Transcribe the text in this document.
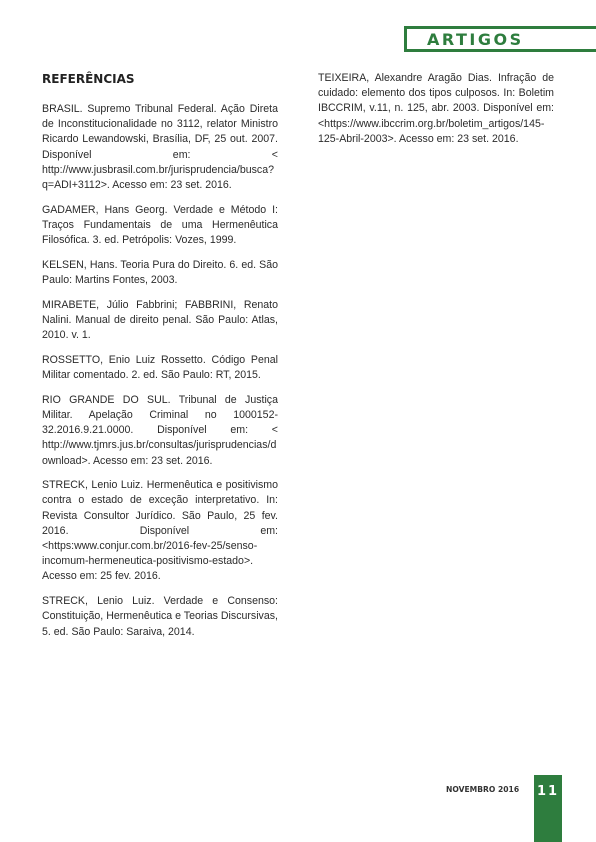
ARTIGOS
REFERÊNCIAS

BRASIL. Supremo Tribunal Federal. Ação Direta de Inconstitucionalidade no 3112, relator Ministro Ricardo Lewandowski, Brasília, DF, 25 out. 2007. Disponível em: < http://www.jusbrasil.com.br/jurisprudencia/busca?q=ADI+3112>. Acesso em: 23 set. 2016.

GADAMER, Hans Georg. Verdade e Método I: Traços Fundamentais de uma Hermenêutica Filosófica. 3. ed. Petrópolis: Vozes, 1999.

KELSEN, Hans. Teoria Pura do Direito. 6. ed. São Paulo: Martins Fontes, 2003.

MIRABETE, Júlio Fabbrini; FABBRINI, Renato Nalini. Manual de direito penal. São Paulo: Atlas, 2010. v. 1.

ROSSETTO, Enio Luiz Rossetto. Código Penal Militar comentado. 2. ed. São Paulo: RT, 2015.

RIO GRANDE DO SUL. Tribunal de Justiça Militar. Apelação Criminal no 1000152-32.2016.9.21.0000. Disponível em: < http://www.tjmrs.jus.br/consultas/jurisprudencias/download>. Acesso em: 23 set. 2016.

STRECK, Lenio Luiz. Hermenêutica e positivismo contra o estado de exceção interpretativo. In: Revista Consultor Jurídico. São Paulo, 25 fev. 2016. Disponível em: <https:www.conjur.com.br/2016-fev-25/senso-incomum-hermeneutica-positivismo-estado>. Acesso em: 25 fev. 2016.

STRECK, Lenio Luiz. Verdade e Consenso: Constituição, Hermenêutica e Teorias Discursivas, 5. ed. São Paulo: Saraiva, 2014.

TEIXEIRA, Alexandre Aragão Dias. Infração de cuidado: elemento dos tipos culposos. In: Boletim IBCCRIM, v.11, n. 125, abr. 2003. Disponível em: <https://www.ibccrim.org.br/boletim_artigos/145-125-Abril-2003>. Acesso em: 23 set. 2016.

NOVEMBRO 2016 11
